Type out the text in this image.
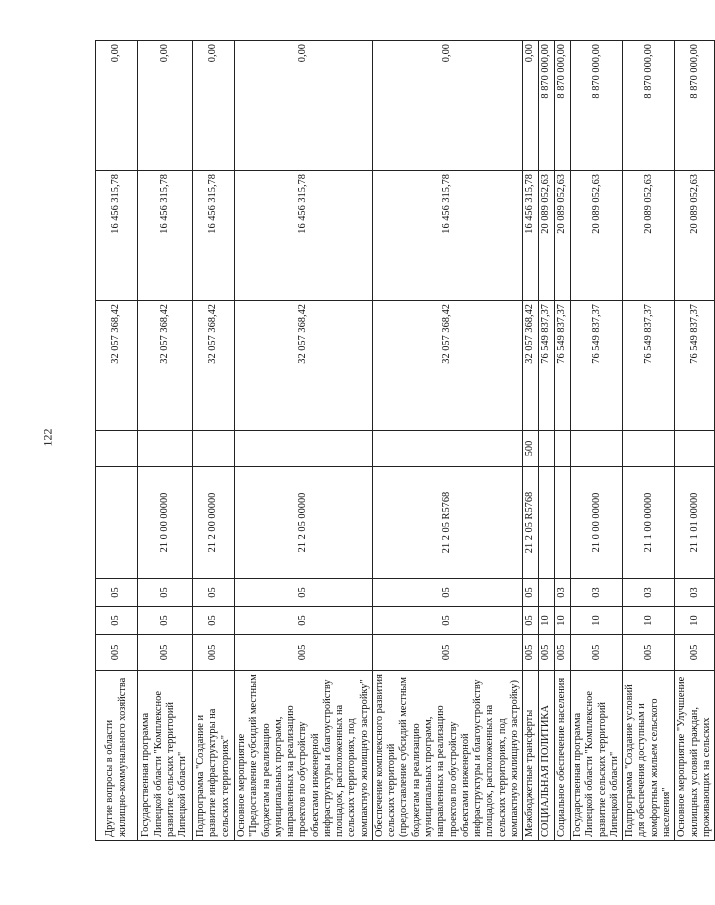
122
Другие вопросы в области жилищно-коммунального хозяйства	005	05	05			32 057 368,42	16 456 315,78	0,00
Государственная программа Липецкой области "Комплексное развитие сельских территорий Липецкой области"	005	05	05	21 0 00 00000		32 057 368,42	16 456 315,78	0,00
Подпрограмма "Создание и развитие инфраструктуры на сельских территориях"	005	05	05	21 2 00 00000		32 057 368,42	16 456 315,78	0,00
Основное мероприятие "Предоставление субсидий местным бюджетам на реализацию муниципальных программ, направленных на реализацию проектов по обустройству объектами инженерной инфраструктуры и благоустройству площадок, расположенных на сельских территориях, под компактную жилищную застройку"	005	05	05	21 2 05 00000		32 057 368,42	16 456 315,78	0,00
Обеспечение комплексного развития сельских территорий (предоставление субсидий местным бюджетам на реализацию муниципальных программ, направленных на реализацию проектов по обустройству объектами инженерной инфраструктуры и благоустройству площадок, расположенных на сельских территориях, под компактную жилищную застройку)	005	05	05	21 2 05 R5768		32 057 368,42	16 456 315,78	0,00
Межбюджетные трансферты	005	05	05	21 2 05 R5768	500	32 057 368,42	16 456 315,78	0,00
СОЦИАЛЬНАЯ ПОЛИТИКА	005	10				76 549 837,37	20 089 052,63	8 870 000,00
Социальное обеспечение населения	005	10	03			76 549 837,37	20 089 052,63	8 870 000,00
Государственная программа Липецкой области "Комплексное развитие сельских территорий Липецкой области"	005	10	03	21 0 00 00000		76 549 837,37	20 089 052,63	8 870 000,00
Подпрограмма "Создание условий для обеспечения доступным и комфортным жильем сельского населения"	005	10	03	21 1 00 00000		76 549 837,37	20 089 052,63	8 870 000,00
Основное мероприятие "Улучшение жилищных условий граждан, проживающих на сельских	005	10	03	21 1 01 00000		76 549 837,37	20 089 052,63	8 870 000,00
